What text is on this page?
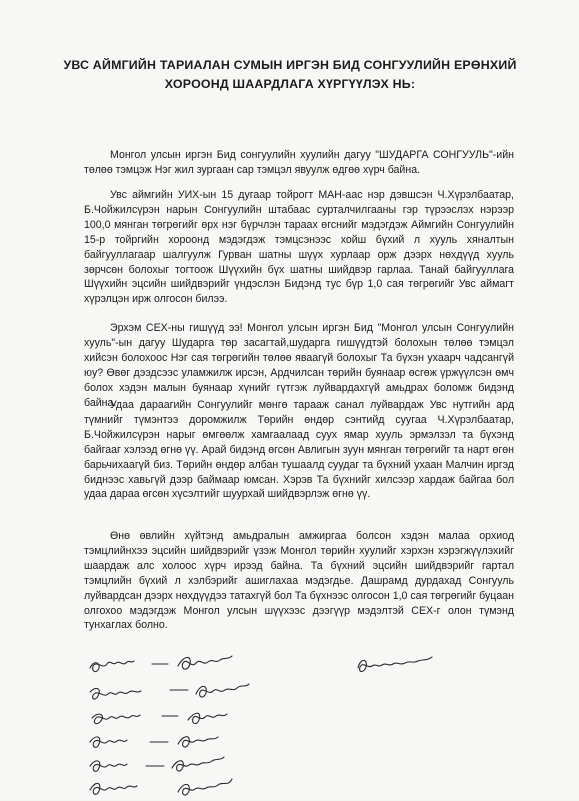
УВС АЙМГИЙН ТАРИАЛАН СУМЫН ИРГЭН БИД СОНГУУЛИЙН ЕРӨНХИЙ ХОРООНД ШААРДЛАГА ХҮРГҮҮЛЭХ НЬ:
Монгол улсын иргэн Бид сонгуулийн хуулийн дагуу "ШУДАРГА СОНГУУЛЬ"-ийн төлөө тэмцэж Нэг жил зургаан сар тэмцэл явуулж өдгөө хүрч байна.
Увс аймгийн УИХ-ын 15 дугаар тойрогт МАН-аас нэр дэвшсэн Ч.Хүрэлбаатар, Б.Чойжилсүрэн нарын Сонгуулийн штабаас сурталчилгааны гэр түрээслэх нэрээр 100,0 мянган төгрөгийг өрх нэг бүрчлэн тараах өгснийг мэдэгдэж Аймгийн Сонгуулийн 15-р тойргийн хороонд мэдэгдэж тэмцсэнээс хойш бүхий л хууль хяналтын байгууллагаар шалгуулж Гурван шатны шүүх хурлаар орж дээрх нөхдүүд хууль зөрчсөн болохыг тогтоож Шүүхийн бүх шатны шийдвэр гарлаа. Танай байгууллага Шүүхийн эцсийн шийдвэрийг үндэслэн Бидэнд тус бүр 1,0 сая төгрөгийг Увс аймагт хүрэлцэн ирж олгосон билээ.
Эрхэм СЕХ-ны гишүүд ээ! Монгол улсын иргэн Бид "Монгол улсын Сонгуулийн хууль"-ын дагуу Шударга төр засагтай,шударга гишүүдтэй болохын төлөө тэмцэл хийсэн болохоос Нэг сая төгрөгийн төлөө яваагүй болохыг Та бүхэн ухаарч чадсангүй юу? Өвөг дээдсээс уламжилж ирсэн, Ардчилсан төрийн буянаар өсгөж үржүүлсэн өмч болох хэдэн малын буянаар хүнийг гүтгэж луйвардахгүй амьдрах боломж бидэнд байна.
Удаа дараагийн Сонгуулийг мөнгө тарааж санал луйвардаж Увс нутгийн ард түмнийг түмэнтээ доромжилж Төрийн өндөр сэнтийд суугаа Ч.Хүрэлбаатар, Б.Чойжилсүрэн нарыг өмгөөлж хамгаалаад суух ямар хууль эрмэлзэл та бүхэнд байгааг хэлээд өгнө үү. Арай бидэнд өгсөн Авлигын зуун мянган төгрөгийг та нарт өгөн барьчихаагүй биз. Төрийн өндөр албан тушаалд суудаг та бүхний ухаан Малчин иргэд биднээс хавьгүй дээр баймаар юмсан. Хэрэв Та бүхнийг хилсээр хардаж байгаа бол удаа дараа өгсөн хүсэлтийг шуурхай шийдвэрлэж өгнө үү.
Өнө өвлийн хүйтэнд амьдралын амжиргаа болсон хэдэн малаа орхиод тэмцлийнхээ эцсийн шийдвэрийг үзэж Монгол төрийн хуулийг хэрхэн хэрэгжүүлэхийг шаардаж алс холоос хүрч ирээд байна. Та бүхний эцсийн шийдвэрийг гартал тэмцлийн бүхий л хэлбэрийг ашиглахаа мэдэгдье. Дашрамд дурдахад Сонгууль луйвардсан дээрх нөхдүүдээ татахгүй бол Та бүхнээс олгосон 1,0 сая төгрөгийг буцаан олгохоо мэдэгдэж Монгол улсын шүүхээс дээгүүр мэдэлтэй СЕХ-г олон түмэнд тунхаглах болно.
